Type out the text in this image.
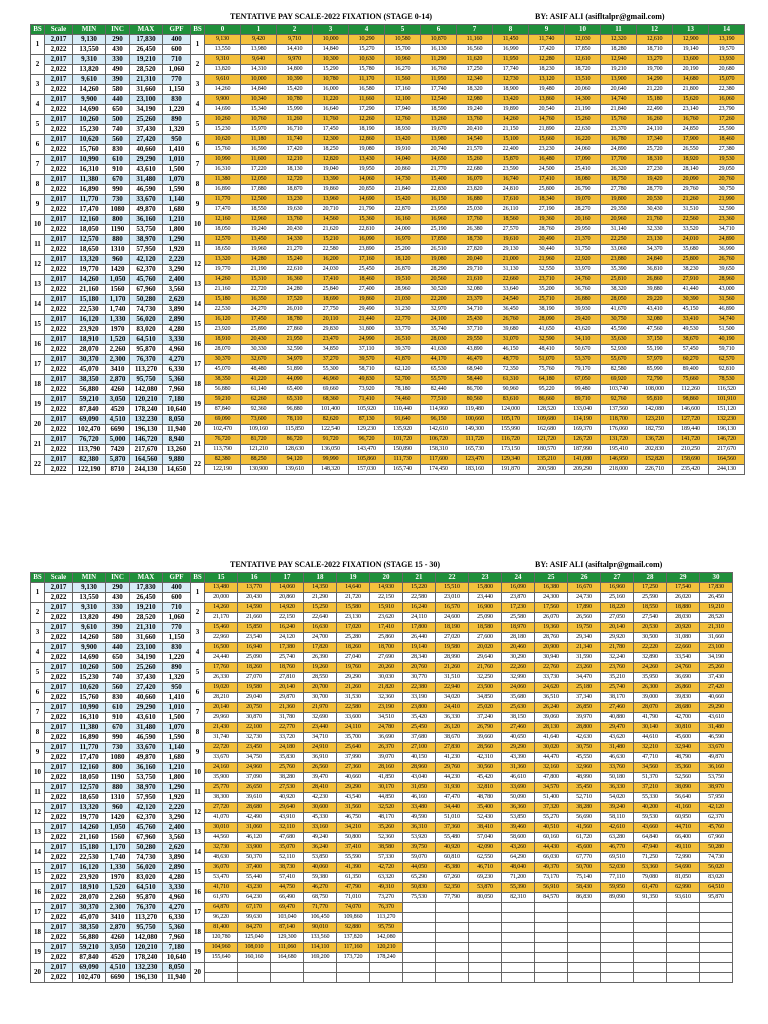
TENTATIVE PAY SCALE-2022 FIXATION (STAGE 0-14)	BY: ASIF ALI (asifltalpr@gmail.com)
BS	Scale	MIN	INC	MAX	GPF	BS	0	1	2	3	4	5	6	7	8	9	10	11	12	13	14
1	2,017	9,130	290	17,830	400	1	9,130	9,420	9,710	10,000	10,290	10,580	10,870	11,160	11,450	11,740	12,030	12,320	12,610	12,900	13,190
	2,022	13,550	430	26,450	600		13,550	13,980	14,410	14,840	15,270	15,700	16,130	16,560	16,990	17,420	17,850	18,280	18,710	19,140	19,570
2	2,017	9,310	330	19,210	710	2	9,310	9,640	9,970	10,300	10,630	10,960	11,290	11,620	11,950	12,280	12,610	12,940	13,270	13,600	13,930
	2,022	13,820	490	28,520	1,060		13,820	14,310	14,800	15,290	15,780	16,270	16,760	17,250	17,740	18,230	18,720	19,210	19,700	20,190	20,680
3	2,017	9,610	390	21,310	770	3	9,610	10,000	10,390	10,780	11,170	11,560	11,950	12,340	12,730	13,120	13,510	13,900	14,290	14,680	15,070
	2,022	14,260	580	31,660	1,150		14,260	14,840	15,420	16,000	16,580	17,160	17,740	18,320	18,900	19,480	20,060	20,640	21,220	21,800	22,380
4	2,017	9,900	440	23,100	830	4	9,900	10,340	10,780	11,220	11,660	12,100	12,540	12,980	13,420	13,860	14,300	14,740	15,180	15,620	16,060
	2,022	14,690	650	34,190	1,220		14,690	15,340	15,990	16,640	17,290	17,940	18,590	19,240	19,890	20,540	21,190	21,840	22,490	23,140	23,790
5	2,017	10,260	500	25,260	890	5	10,260	10,760	11,260	11,760	12,260	12,760	13,260	13,760	14,260	14,760	15,260	15,760	16,260	16,760	17,260
	2,022	15,230	740	37,430	1,320		15,230	15,970	16,710	17,450	18,190	18,930	19,670	20,410	21,150	21,890	22,630	23,370	24,110	24,850	25,590
6	2,017	10,620	560	27,420	950	6	10,620	11,180	11,740	12,300	12,860	13,420	13,980	14,540	15,100	15,660	16,220	16,780	17,340	17,900	18,460
	2,022	15,760	830	40,660	1,410		15,760	16,590	17,420	18,250	19,080	19,910	20,740	21,570	22,400	23,230	24,060	24,890	25,720	26,550	27,380
7	2,017	10,990	610	29,290	1,010	7	10,990	11,600	12,210	12,820	13,430	14,040	14,650	15,260	15,870	16,480	17,090	17,700	18,310	18,920	19,530
	2,022	16,310	910	43,610	1,500		16,310	17,220	18,130	19,040	19,950	20,860	21,770	22,680	23,590	24,500	25,410	26,320	27,230	28,140	29,050
8	2,017	11,380	670	31,480	1,070	8	11,380	12,050	12,720	13,390	14,060	14,730	15,400	16,070	16,740	17,410	18,080	18,750	19,420	20,090	20,760
	2,022	16,890	990	46,590	1,590		16,890	17,880	18,870	19,860	20,850	21,840	22,830	23,820	24,810	25,800	26,790	27,780	28,770	29,760	30,750
9	2,017	11,770	730	33,670	1,140	9	11,770	12,500	13,230	13,960	14,690	15,420	16,150	16,880	17,610	18,340	19,070	19,800	20,530	21,260	21,990
	2,022	17,470	1080	49,870	1,680		17,470	18,550	19,630	20,710	21,790	22,870	23,950	25,030	26,110	27,190	28,270	29,350	30,430	31,510	32,590
10	2,017	12,160	800	36,160	1,210	10	12,160	12,960	13,760	14,560	15,360	16,160	16,960	17,760	18,560	19,360	20,160	20,960	21,760	22,560	23,360
	2,022	18,050	1190	53,750	1,800		18,050	19,240	20,430	21,620	22,810	24,000	25,190	26,380	27,570	28,760	29,950	31,140	32,330	33,520	34,710
11	2,017	12,570	880	38,970	1,290	11	12,570	13,450	14,330	15,210	16,090	16,970	17,850	18,730	19,610	20,490	21,370	22,250	23,130	24,010	24,890
	2,022	18,650	1310	57,950	1,920		18,650	19,960	21,270	22,580	23,890	25,200	26,510	27,820	29,130	30,440	31,750	33,060	34,370	35,680	36,990
12	2,017	13,320	960	42,120	2,220	12	13,320	14,280	15,240	16,200	17,160	18,120	19,080	20,040	21,000	21,960	22,920	23,880	24,840	25,800	26,760
	2,022	19,770	1420	62,370	3,290		19,770	21,190	22,610	24,030	25,450	26,870	28,290	29,710	31,130	32,550	33,970	35,390	36,810	38,230	39,650
13	2,017	14,260	1,050	45,760	2,400	13	14,260	15,310	16,360	17,410	18,460	19,510	20,560	21,610	22,660	23,710	24,760	25,810	26,860	27,910	28,960
	2,022	21,160	1560	67,960	3,560		21,160	22,720	24,280	25,840	27,400	28,960	30,520	32,080	33,640	35,200	36,760	38,320	39,880	41,440	43,000
14	2,017	15,180	1,170	50,280	2,620	14	15,180	16,350	17,520	18,690	19,860	21,030	22,200	23,370	24,540	25,710	26,880	28,050	29,220	30,390	31,560
	2,022	22,530	1,740	74,730	3,890		22,530	24,270	26,010	27,750	29,490	31,230	32,970	34,710	36,450	38,190	39,930	41,670	43,410	45,150	46,890
15	2,017	16,120	1,330	56,020	2,890	15	16,120	17,450	18,780	20,110	21,440	22,770	24,100	25,430	26,760	28,090	29,420	30,750	32,080	33,410	34,740
	2,022	23,920	1970	83,020	4,280		23,920	25,890	27,860	29,830	31,800	33,770	35,740	37,710	39,680	41,650	43,620	45,590	47,560	49,530	51,500
16	2,017	18,910	1,520	64,510	3,330	16	18,910	20,430	21,950	23,470	24,990	26,510	28,030	29,550	31,070	32,590	34,110	35,630	37,150	38,670	40,190
	2,022	28,070	2,260	95,870	4,960		28,070	30,330	32,590	34,850	37,110	39,370	41,630	43,890	46,150	48,410	50,670	52,930	55,190	57,450	59,710
17	2,017	30,370	2,300	76,370	4,270	17	30,370	32,670	34,970	37,270	39,570	41,870	44,170	46,470	48,770	51,070	53,370	55,670	57,970	60,270	62,570
	2,022	45,070	3410	113,270	6,330		45,070	48,480	51,890	55,300	58,710	62,120	65,530	68,940	72,350	75,760	79,170	82,580	85,990	89,400	92,810
18	2,017	38,350	2,870	95,750	5,360	18	38,350	41,220	44,090	46,960	49,830	52,700	55,570	58,440	61,310	64,180	67,050	69,920	72,790	75,660	78,530
	2,022	56,880	4260	142,080	7,960		56,880	61,140	65,400	69,660	73,920	78,180	82,440	86,700	90,960	95,220	99,480	103,740	108,000	112,260	116,520
19	2,017	59,210	3,050	120,210	7,180	19	59,210	62,260	65,310	68,360	71,410	74,460	77,510	80,560	83,610	86,660	89,710	92,760	95,810	98,860	101,910
	2,022	87,840	4520	178,240	10,640		87,840	92,360	96,880	101,400	105,920	110,440	114,960	119,480	124,000	128,520	133,040	137,560	142,080	146,600	151,120
20	2,017	69,090	4,510	132,230	8,050	20	69,090	73,600	78,110	82,620	87,130	91,640	96,150	100,660	105,170	109,680	114,190	118,700	123,210	127,720	132,230
	2,022	102,470	6690	196,130	11,940		102,470	109,160	115,850	122,540	129,230	135,920	142,610	149,300	155,990	162,680	169,370	176,060	182,750	189,440	196,130
21	2,017	76,720	5,000	146,720	8,940	21	76,720	81,720	86,720	91,720	96,720	101,720	106,720	111,720	116,720	121,720	126,720	131,720	136,720	141,720	146,720
	2,022	113,790	7420	217,670	13,260		113,790	121,210	128,630	136,050	143,470	150,890	158,310	165,730	173,150	180,570	187,990	195,410	202,830	210,250	217,670
22	2,017	82,380	5,870	164,560	9,880	22	82,380	88,250	94,120	99,990	105,860	111,730	117,600	123,470	129,340	135,210	141,080	146,950	152,820	158,690	164,560
	2,022	122,190	8710	244,130	14,650		122,190	130,900	139,610	148,320	157,030	165,740	174,450	183,160	191,870	200,580	209,290	218,000	226,710	235,420	244,130
TENTATIVE PAY SCALE-2022 FIXATION (STAGE 15 - 30)	BY: ASIF ALI (asiftalpr@gmail.com)
BS	Scale	MIN	INC	MAX	GPF	BS	15	16	17	18	19	20	21	22	23	24	25	26	27	28	29	30
1	2,017	9,130	290	17,830	400	1	13,480	13,770	14,060	14,350	14,640	14,930	15,220	15,510	15,800	16,090	16,380	16,670	16,960	17,250	17,540	17,830
	2,022	13,550	430	26,450	600		20,000	20,430	20,860	21,290	21,720	22,150	22,580	23,010	23,440	23,870	24,300	24,730	25,160	25,590	26,020	26,450
2	2,017	9,310	330	19,210	710	2	14,260	14,590	14,920	15,250	15,580	15,910	16,240	16,570	16,900	17,230	17,560	17,890	18,220	18,550	18,880	19,210
	2,022	13,820	490	28,520	1,060		21,170	21,660	22,150	22,640	23,130	23,620	24,110	24,600	25,090	25,580	26,070	26,560	27,050	27,540	28,030	28,520
3	2,017	9,610	390	21,310	770	3	15,460	15,850	16,240	16,630	17,020	17,410	17,800	18,190	18,580	18,970	19,360	19,750	20,140	20,530	20,920	21,310
	2,022	14,260	580	31,660	1,150		22,960	23,540	24,120	24,700	25,280	25,860	26,440	27,020	27,600	28,180	28,760	29,340	29,920	30,500	31,080	31,660
4	2,017	9,900	440	23,100	830	4	16,500	16,940	17,380	17,820	18,260	18,700	19,140	19,580	20,020	20,460	20,900	21,340	21,780	22,220	22,660	23,100
	2,022	14,690	650	34,190	1,220		24,440	25,090	25,740	26,390	27,040	27,690	28,340	28,990	29,640	30,290	30,940	31,590	32,240	32,890	33,540	34,190
5	2,017	10,260	500	25,260	890	5	17,760	18,260	18,760	19,260	19,760	20,260	20,760	21,260	21,760	22,260	22,760	23,260	23,760	24,260	24,760	25,260
	2,022	15,230	740	37,430	1,320		26,330	27,070	27,810	28,550	29,290	30,030	30,770	31,510	32,250	32,990	33,730	34,470	35,210	35,950	36,690	37,430
6	2,017	10,620	560	27,420	950	6	19,020	19,580	20,140	20,700	21,260	21,820	22,380	22,940	23,500	24,060	24,620	25,180	25,740	26,300	26,860	27,420
	2,022	15,760	830	40,660	1,410		28,210	29,040	29,870	30,700	31,530	32,360	33,190	34,020	34,850	35,680	36,510	37,340	38,170	39,000	39,830	40,660
7	2,017	10,990	610	29,290	1,010	7	20,140	20,750	21,360	21,970	22,580	23,190	23,800	24,410	25,020	25,630	26,240	26,850	27,460	28,070	28,680	29,290
	2,022	16,310	910	43,610	1,500		29,960	30,870	31,780	32,690	33,600	34,510	35,420	36,330	37,240	38,150	39,060	39,970	40,880	41,790	42,700	43,610
8	2,017	11,380	670	31,480	1,070	8	21,430	22,100	22,770	23,440	24,110	24,780	25,450	26,120	26,790	27,460	28,130	28,800	29,470	30,140	30,810	31,480
	2,022	16,890	990	46,590	1,590		31,740	32,730	33,720	34,710	35,700	36,690	37,680	38,670	39,660	40,650	41,640	42,630	43,620	44,610	45,600	46,590
9	2,017	11,770	730	33,670	1,140	9	22,720	23,450	24,180	24,910	25,640	26,370	27,100	27,830	28,560	29,290	30,020	30,750	31,480	32,210	32,940	33,670
	2,022	17,470	1080	49,870	1,680		33,670	34,750	35,830	36,910	37,990	39,070	40,150	41,230	42,310	43,390	44,470	45,550	46,630	47,710	48,790	49,870
10	2,017	12,160	800	36,160	1,210	10	24,160	24,960	25,760	26,560	27,360	28,160	28,960	29,760	30,560	31,360	32,160	32,960	33,760	34,560	35,360	36,160
	2,022	18,050	1190	53,750	1,800		35,900	37,090	38,280	39,470	40,660	41,850	43,040	44,230	45,420	46,610	47,800	48,990	50,180	51,370	52,560	53,750
11	2,017	12,570	880	38,970	1,290	11	25,770	26,650	27,530	28,410	29,290	30,170	31,050	31,930	32,810	33,690	34,570	35,450	36,330	37,210	38,090	38,970
	2,022	18,650	1310	57,950	1,920		38,300	39,610	40,920	42,230	43,540	44,850	46,160	47,470	48,780	50,090	51,400	52,710	54,020	55,330	56,640	57,950
12	2,017	13,320	960	42,120	2,220	12	27,720	28,680	29,640	30,600	31,560	32,520	33,480	34,440	35,400	36,360	37,320	38,280	39,240	40,200	41,160	42,120
	2,022	19,770	1420	62,370	3,290		41,070	42,490	43,910	45,330	46,750	48,170	49,590	51,010	52,430	53,850	55,270	56,690	58,110	59,530	60,950	62,370
13	2,017	14,260	1,050	45,760	2,400	13	30,010	31,060	32,110	33,160	34,210	35,260	36,310	37,360	38,410	39,460	40,510	41,560	42,610	43,660	44,710	45,760
	2,022	21,160	1560	67,960	3,560		44,560	46,120	47,680	49,240	50,800	52,360	53,920	55,480	57,040	58,600	60,160	61,720	63,280	64,840	66,400	67,960
14	2,017	15,180	1,170	50,280	2,620	14	32,730	33,900	35,070	36,240	37,410	38,580	39,750	40,920	42,090	43,260	44,430	45,600	46,770	47,940	49,110	50,280
	2,022	22,530	1,740	74,730	3,890		48,630	50,370	52,110	53,850	55,590	57,330	59,070	60,810	62,550	64,290	66,030	67,770	69,510	71,250	72,990	74,730
15	2,017	16,120	1,330	56,020	2,890	15	36,070	37,400	38,730	40,060	41,390	42,720	44,050	45,380	46,710	48,040	49,370	50,700	52,030	53,360	54,690	56,020
	2,022	23,920	1970	83,020	4,280		53,470	55,440	57,410	59,380	61,350	63,320	65,290	67,260	69,230	71,200	73,170	75,140	77,110	79,080	81,050	83,020
16	2,017	18,910	1,520	64,510	3,330	16	41,710	43,230	44,750	46,270	47,790	49,310	50,830	52,350	53,870	55,390	56,910	58,430	59,950	61,470	62,990	64,510
	2,022	28,070	2,260	95,870	4,960		61,970	64,230	66,490	68,750	71,010	73,270	75,530	77,790	80,050	82,310	84,570	86,830	89,090	91,350	93,610	95,870
17	2,017	30,370	2,300	76,370	4,270	17	64,870	67,170	69,470	71,770	74,070	76,370										
	2,022	45,070	3410	113,270	6,330		96,220	99,630	103,040	106,450	109,860	113,270										
18	2,017	38,350	2,870	95,750	5,360	18	81,400	84,270	87,140	90,010	92,880	95,750										
	2,022	56,880	4260	142,080	7,960		120,780	125,040	129,300	133,560	137,820	142,080										
19	2,017	59,210	3,050	120,210	7,180	19	104,960	108,010	111,060	114,110	117,160	120,210										
	2,022	87,840	4520	178,240	10,640		155,640	160,160	164,680	169,200	173,720	178,240										
20	2,017	69,090	4,510	132,230	8,050	20																
	2,022	102,470	6690	196,130	11,940																	
